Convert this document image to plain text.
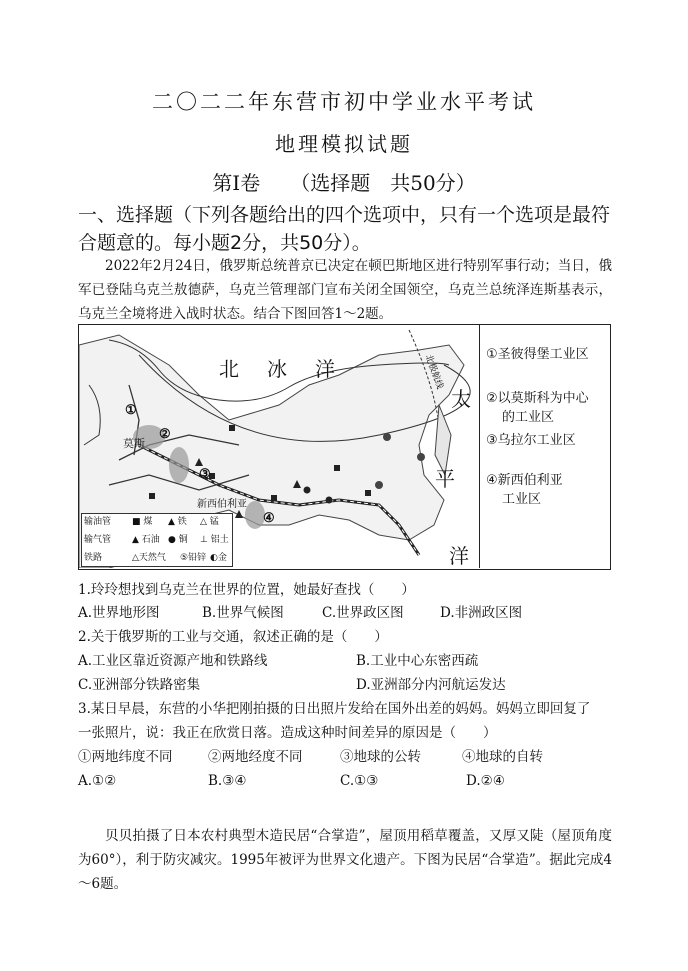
二〇二二年东营市初中学业水平考试
地理模拟试题
第Ⅰ卷 （选择题　共50分）
一、选择题（下列各题给出的四个选项中，只有一个选项是最符合题意的。每小题2分，共50分）。
2022年2月24日，俄罗斯总统普京已决定在顿巴斯地区进行特别军事行动；当日，俄军已登陆乌克兰敖德萨，乌克兰管理部门宣布关闭全国领空，乌克兰总统泽连斯基表示，乌克兰全境将进入战时状态。结合下图回答1～2题。
北冰洋
太
平
洋
莫斯
新西伯利亚
北极航线
①
②
③
④
输油管
输气管
铁路
■ 煤 ▲ 铁 △ 锰
▲ 石油 ● 铜 ⊥ 铝土
△天然气 ⑤铅锌 ◐金
①圣彼得堡工业区
②以莫斯科为中心
的工业区
③乌拉尔工业区
④新西伯利亚
工业区
1.玲玲想找到乌克兰在世界的位置，她最好查找（　　）
A.世界地形图	B.世界气候图	C.世界政区图	D.非洲政区图
2.关于俄罗斯的工业与交通，叙述正确的是（　　）
A.工业区靠近资源产地和铁路线	B.工业中心东密西疏
C.亚洲部分铁路密集	D.亚洲部分内河航运发达
3.某日早晨，东营的小华把刚拍摄的日出照片发给在国外出差的妈妈。妈妈立即回复了
一张照片，说：我正在欣赏日落。造成这种时间差异的原因是（　　）
①两地纬度不同	②两地经度不同	③地球的公转	④地球的自转
A.①②	B.③④	C.①③	D.②④
贝贝拍摄了日本农村典型木造民居“合掌造”，屋顶用稻草覆盖，又厚又陡（屋顶角度为60°），利于防灾减灾。1995年被评为世界文化遗产。下图为民居“合掌造”。据此完成4～6题。
